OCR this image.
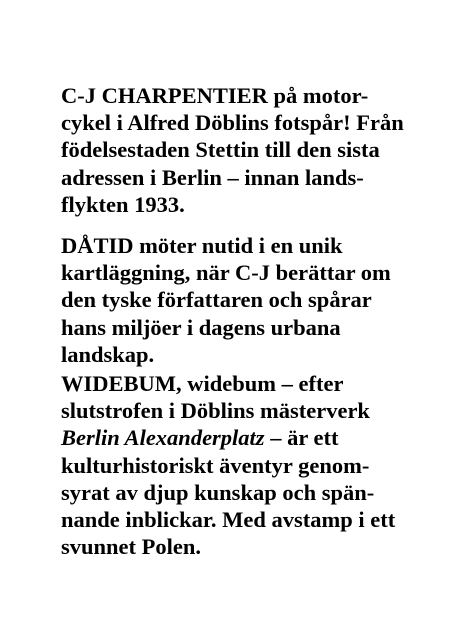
C-J CHARPENTIER på motor-
cykel i Alfred Döblins fotspår! Från
födelsestaden Stettin till den sista
adressen i Berlin – innan lands-
flykten 1933.
DÅTID möter nutid i en unik
kartläggning, när C-J berättar om
den tyske författaren och spårar
hans miljöer i dagens urbana
landskap.
WIDEBUM, widebum – efter
slutstrofen i Döblins mästerverk
Berlin Alexanderplatz – är ett
kulturhistoriskt äventyr genom-
syrat av djup kunskap och spän-
nande inblickar. Med avstamp i ett
svunnet Polen.
